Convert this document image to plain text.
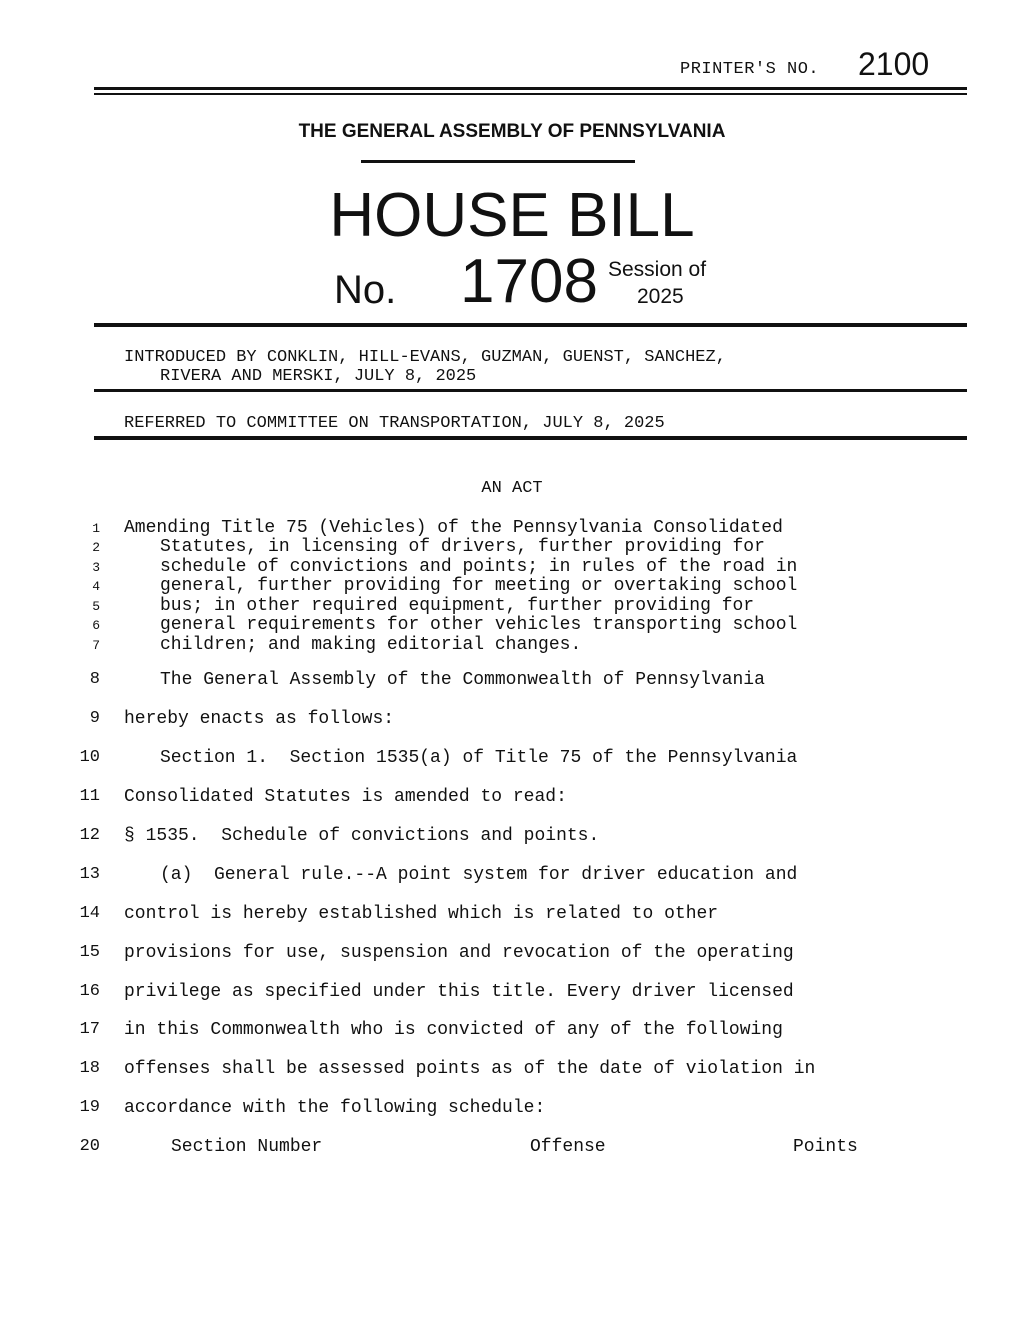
PRINTER'S NO. 2100
THE GENERAL ASSEMBLY OF PENNSYLVANIA
HOUSE BILL
No. 1708 Session of
2025
INTRODUCED BY CONKLIN, HILL-EVANS, GUZMAN, GUENST, SANCHEZ,
RIVERA AND MERSKI, JULY 8, 2025
REFERRED TO COMMITTEE ON TRANSPORTATION, JULY 8, 2025
AN ACT
1 Amending Title 75 (Vehicles) of the Pennsylvania Consolidated
2	Statutes, in licensing of drivers, further providing for
3	schedule of convictions and points; in rules of the road in
4	general, further providing for meeting or overtaking school
5	bus; in other required equipment, further providing for
6	general requirements for other vehicles transporting school
7	children; and making editorial changes.
8	The General Assembly of the Commonwealth of Pennsylvania
9 hereby enacts as follows:
10	Section 1.  Section 1535(a) of Title 75 of the Pennsylvania
11 Consolidated Statutes is amended to read:
12 § 1535.  Schedule of convictions and points.
13	(a)  General rule.--A point system for driver education and
14 control is hereby established which is related to other
15 provisions for use, suspension and revocation of the operating
16 privilege as specified under this title. Every driver licensed
17 in this Commonwealth who is convicted of any of the following
18 offenses shall be assessed points as of the date of violation in
19 accordance with the following schedule:
20	Section Number	Offense	Points
